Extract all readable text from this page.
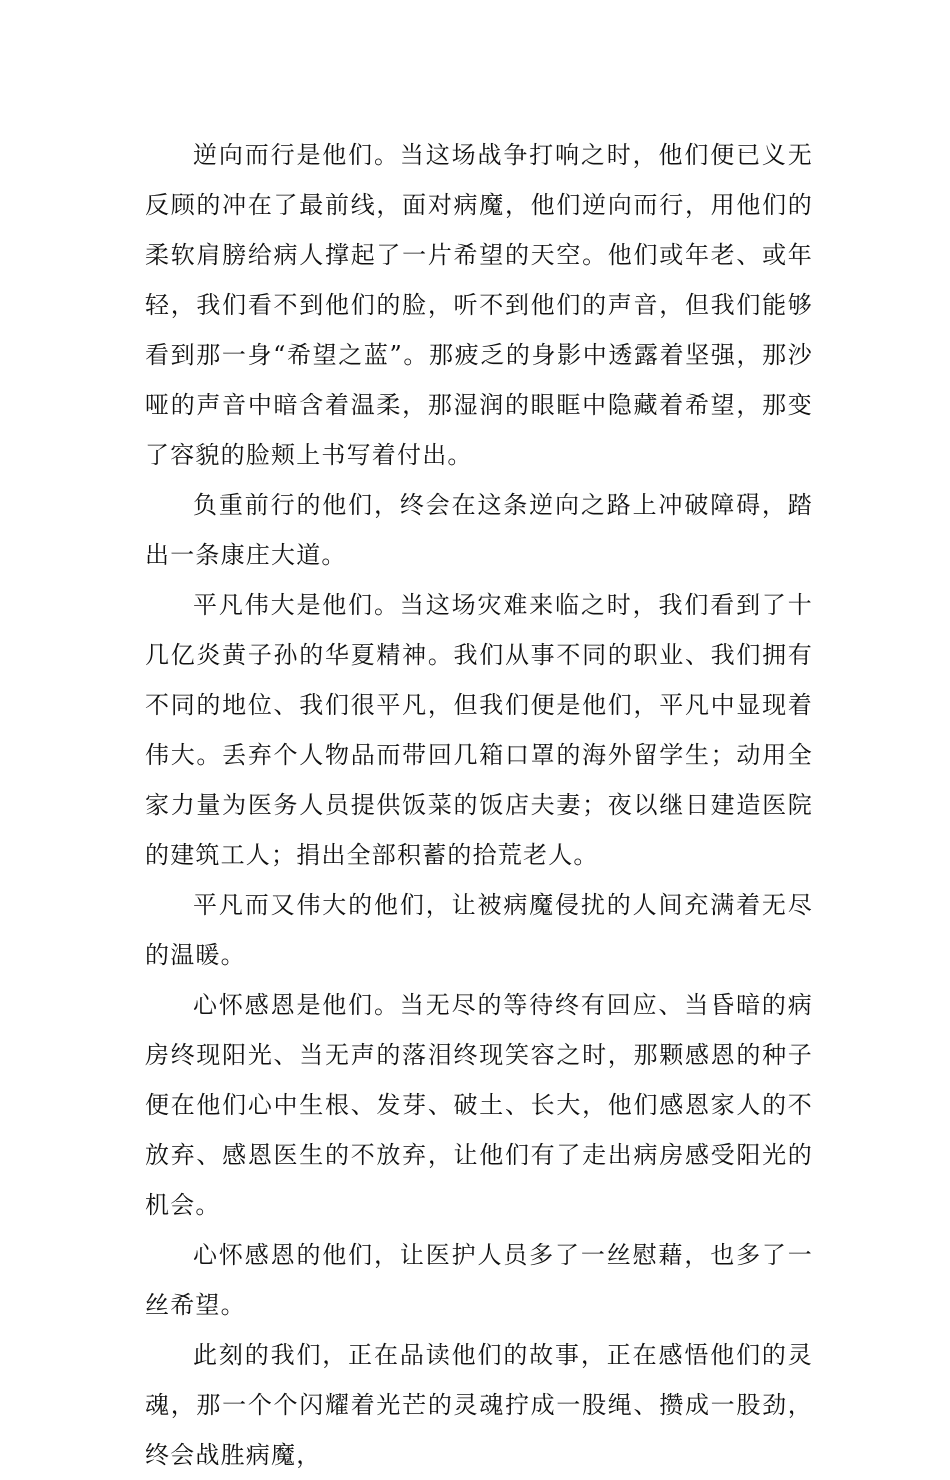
逆向而行是他们。当这场战争打响之时，他们便已义无反顾的冲在了最前线，面对病魔，他们逆向而行，用他们的柔软肩膀给病人撑起了一片希望的天空。他们或年老、或年轻，我们看不到他们的脸，听不到他们的声音，但我们能够看到那一身“希望之蓝”。那疲乏的身影中透露着坚强，那沙哑的声音中暗含着温柔，那湿润的眼眶中隐藏着希望，那变了容貌的脸颊上书写着付出。

负重前行的他们，终会在这条逆向之路上冲破障碍，踏出一条康庄大道。

平凡伟大是他们。当这场灾难来临之时，我们看到了十几亿炎黄子孙的华夏精神。我们从事不同的职业、我们拥有不同的地位、我们很平凡，但我们便是他们，平凡中显现着伟大。丢弃个人物品而带回几箱口罩的海外留学生；动用全家力量为医务人员提供饭菜的饭店夫妻；夜以继日建造医院的建筑工人；捐出全部积蓄的拾荒老人。

平凡而又伟大的他们，让被病魔侵扰的人间充满着无尽的温暖。

心怀感恩是他们。当无尽的等待终有回应、当昏暗的病房终现阳光、当无声的落泪终现笑容之时，那颗感恩的种子便在他们心中生根、发芽、破土、长大，他们感恩家人的不放弃、感恩医生的不放弃，让他们有了走出病房感受阳光的机会。

心怀感恩的他们，让医护人员多了一丝慰藉，也多了一丝希望。

此刻的我们，正在品读他们的故事，正在感悟他们的灵魂，那一个个闪耀着光芒的灵魂拧成一股绳、攒成一股劲，终会战胜病魔，
